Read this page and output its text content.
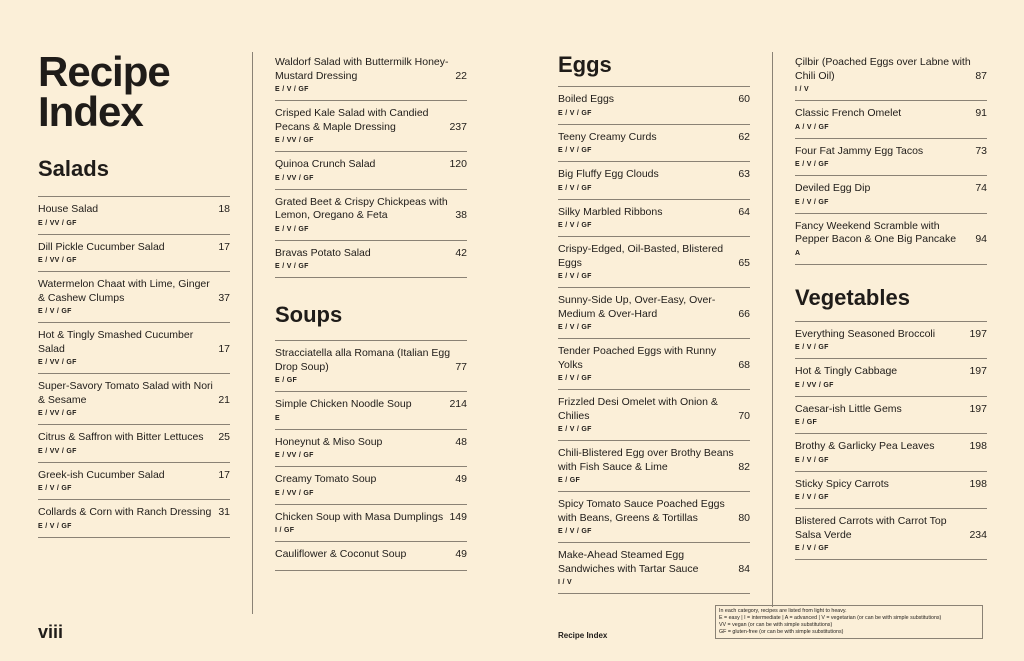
Recipe
Index
Salads
18
House Salad
E / VV / GF
17
Dill Pickle Cucumber Salad
E / VV / GF
37
Watermelon Chaat with Lime, Ginger & Cashew Clumps
E / V / GF
17
Hot & Tingly Smashed Cucumber Salad
E / VV / GF
21
Super-Savory Tomato Salad with Nori & Sesame
E / VV / GF
25
Citrus & Saffron with Bitter Lettuces
E / VV / GF
17
Greek-ish Cucumber Salad
E / V / GF
31
Collards & Corn with Ranch Dressing
E / V / GF
22
Waldorf Salad with Buttermilk Honey-Mustard Dressing
E / V / GF
237
Crisped Kale Salad with Candied Pecans & Maple Dressing
E / VV / GF
120
Quinoa Crunch Salad
E / VV / GF
38
Grated Beet & Crispy Chickpeas with Lemon, Oregano & Feta
E / V / GF
42
Bravas Potato Salad
E / V / GF
Soups
77
Stracciatella alla Romana (Italian Egg Drop Soup)
E / GF
214
Simple Chicken Noodle Soup
E
48
Honeynut & Miso Soup
E / VV / GF
49
Creamy Tomato Soup
E / VV / GF
149
Chicken Soup with Masa Dumplings
I / GF
49
Cauliflower & Coconut Soup
Eggs
60
Boiled Eggs
E / V / GF
62
Teeny Creamy Curds
E / V / GF
63
Big Fluffy Egg Clouds
E / V / GF
64
Silky Marbled Ribbons
E / V / GF
65
Crispy-Edged, Oil-Basted, Blistered Eggs
E / V / GF
66
Sunny-Side Up, Over-Easy, Over-Medium & Over-Hard
E / V / GF
68
Tender Poached Eggs with Runny Yolks
E / V / GF
70
Frizzled Desi Omelet with Onion & Chilies
E / V / GF
82
Chili-Blistered Egg over Brothy Beans with Fish Sauce & Lime
E / GF
80
Spicy Tomato Sauce Poached Eggs with Beans, Greens & Tortillas
E / V / GF
84
Make-Ahead Steamed Egg Sandwiches with Tartar Sauce
I / V
87
Çilbir (Poached Eggs over Labne with Chili Oil)
I / V
91
Classic French Omelet
A / V / GF
73
Four Fat Jammy Egg Tacos
E / V / GF
74
Deviled Egg Dip
E / V / GF
94
Fancy Weekend Scramble with Pepper Bacon & One Big Pancake
A
Vegetables
197
Everything Seasoned Broccoli
E / V / GF
197
Hot & Tingly Cabbage
E / VV / GF
197
Caesar-ish Little Gems
E / GF
198
Brothy & Garlicky Pea Leaves
E / V / GF
198
Sticky Spicy Carrots
E / V / GF
234
Blistered Carrots with Carrot Top Salsa Verde
E / V / GF
viii	Recipe Index
In each category, recipes are listed from light to heavy.
E = easy | I = intermediate | A = advanced | V = vegetarian (or can be with simple substitutions)
VV = vegan (or can be with simple substitutions)
GF = gluten-free (or can be with simple substitutions)
